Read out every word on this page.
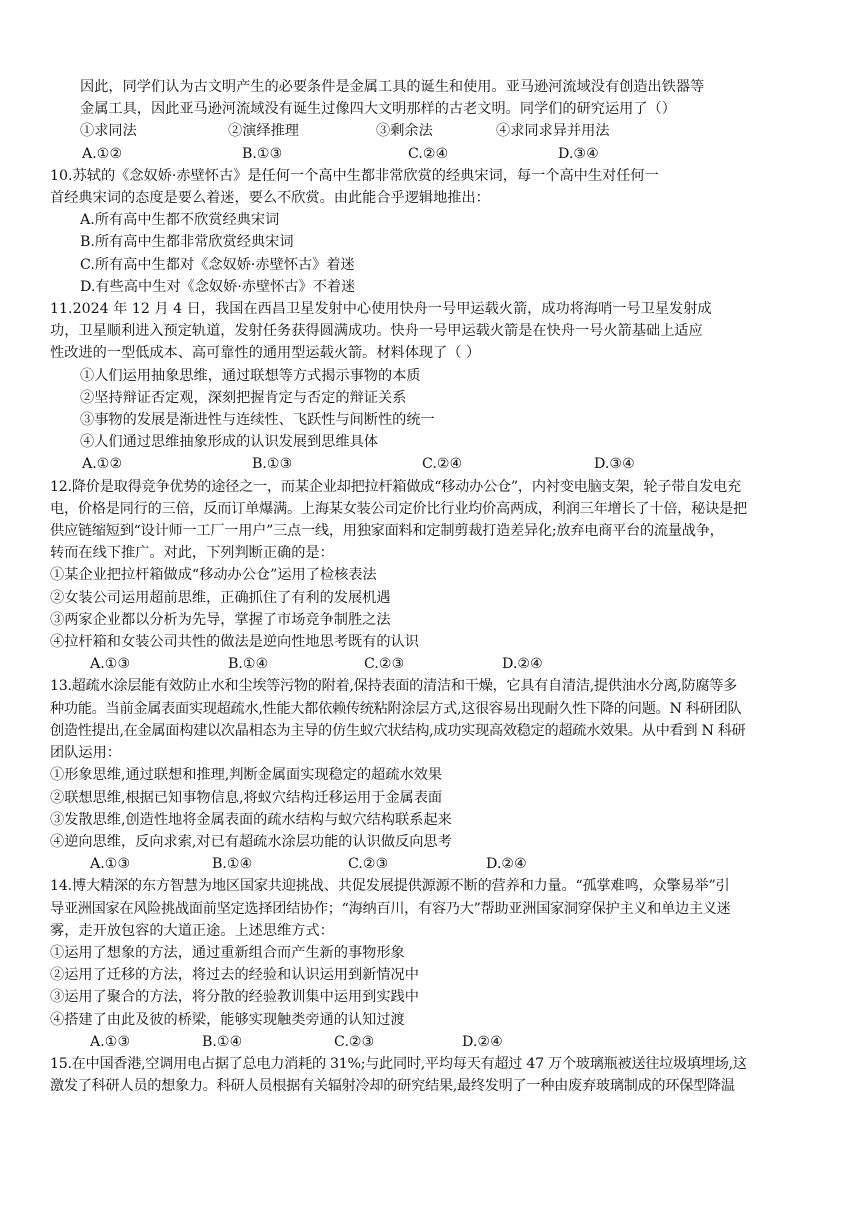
因此，同学们认为古文明产生的必要条件是金属工具的诞生和使用。亚马逊河流域没有创造出铁器等

金属工具，因此亚马逊河流域没有诞生过像四大文明那样的古老文明。同学们的研究运用了（）

①求同法	②演绎推理	③剩余法	④求同求异并用法
A.①②	B.①③	C.②④	D.③④

10.苏轼的《念奴娇·赤壁怀古》是任何一个高中生都非常欣赏的经典宋词，每一个高中生对任何一

首经典宋词的态度是要么着迷，要么不欣赏。由此能合乎逻辑地推出：

A.所有高中生都不欣赏经典宋词

B.所有高中生都非常欣赏经典宋词

C.所有高中生都对《念奴娇·赤壁怀古》着迷

D.有些高中生对《念奴娇·赤壁怀古》不着迷

11.2024 年 12 月 4 日，我国在西昌卫星发射中心使用快舟一号甲运载火箭，成功将海哨一号卫星发射成

功，卫星顺利进入预定轨道，发射任务获得圆满成功。快舟一号甲运载火箭是在快舟一号火箭基础上适应

性改进的一型低成本、高可靠性的通用型运载火箭。材料体现了（ ）

①人们运用抽象思维，通过联想等方式揭示事物的本质

②坚持辩证否定观，深刻把握肯定与否定的辩证关系

③事物的发展是渐进性与连续性、飞跃性与间断性的统一

④人们通过思维抽象形成的认识发展到思维具体

A.①②	B.①③	C.②④	D.③④

12.降价是取得竞争优势的途径之一，而某企业却把拉杆箱做成“移动办公仓”，内衬变电脑支架，轮子带自发电充

电，价格是同行的三倍，反而订单爆满。上海某女装公司定价比行业均价高两成，利润三年增长了十倍，秘诀是把

供应链缩短到“设计师一工厂一用户”三点一线，用独家面料和定制剪裁打造差异化;放弃电商平台的流量战争，

转而在线下推广。对此，下列判断正确的是：

①某企业把拉杆箱做成“移动办公仓”运用了检核表法

②女装公司运用超前思维，正确抓住了有利的发展机遇

③两家企业都以分析为先导，掌握了市场竞争制胜之法

④拉杆箱和女装公司共性的做法是逆向性地思考既有的认识

A.①③	B.①④	C.②③	D.②④

13.超疏水涂层能有效防止水和尘埃等污物的附着,保持表面的清洁和干燥，它具有自清洁,提供油水分离,防腐等多

种功能。当前金属表面实现超疏水,性能大都依赖传统粘附涂层方式,这很容易出现耐久性下降的问题。N 科研团队

创造性提出,在金属面构建以次晶相态为主导的仿生蚁穴状结构,成功实现高效稳定的超疏水效果。从中看到 N 科研

团队运用：

①形象思维,通过联想和推理,判断金属面实现稳定的超疏水效果

②联想思维,根据已知事物信息,将蚁穴结构迁移运用于金属表面

③发散思维,创造性地将金属表面的疏水结构与蚁穴结构联系起来

④逆向思维，反向求索,对已有超疏水涂层功能的认识做反向思考

A.①③	B.①④	C.②③	D.②④

14.博大精深的东方智慧为地区国家共迎挑战、共促发展提供源源不断的营养和力量。“孤掌难鸣，众擎易举”引

导亚洲国家在风险挑战面前坚定选择团结协作；“海纳百川，有容乃大”帮助亚洲国家洞穿保护主义和单边主义迷

雾，走开放包容的大道正途。上述思维方式：

①运用了想象的方法，通过重新组合而产生新的事物形象

②运用了迁移的方法，将过去的经验和认识运用到新情况中

③运用了聚合的方法，将分散的经验教训集中运用到实践中

④搭建了由此及彼的桥梁，能够实现触类旁通的认知过渡

A.①③	B.①④	C.②③	D.②④

15.在中国香港,空调用电占据了总电力消耗的 31%;与此同时,平均每天有超过 47 万个玻璃瓶被送往垃圾填埋场,这

激发了科研人员的想象力。科研人员根据有关辐射冷却的研究结果,最终发明了一种由废弃玻璃制成的环保型降温
